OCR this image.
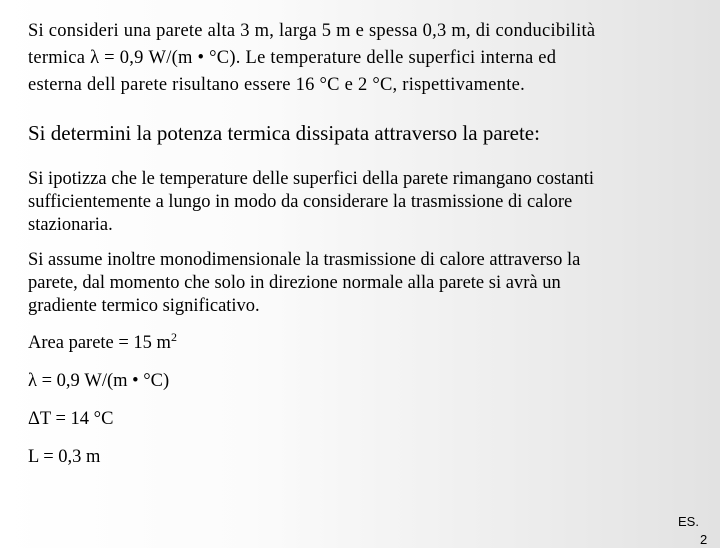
Si consideri una parete alta 3 m, larga 5 m e spessa 0,3 m, di conducibilità
termica λ = 0,9 W/(m • °C). Le temperature delle superfici interna ed
esterna dell parete risultano essere 16 °C e 2 °C, rispettivamente.

Si determini la potenza termica dissipata attraverso la parete:

Si ipotizza che le temperature delle superfici della parete rimangano costanti
sufficientemente a lungo in modo da considerare la trasmissione di calore
stazionaria.

Si assume inoltre monodimensionale la trasmissione di calore attraverso la
parete, dal momento che solo in direzione normale alla parete si avrà un
gradiente termico significativo.

Area parete = 15 $m^2$

λ = 0,9 W/(m • °C)

ΔT = 14 °C

L = 0,3 m

ES.
2
